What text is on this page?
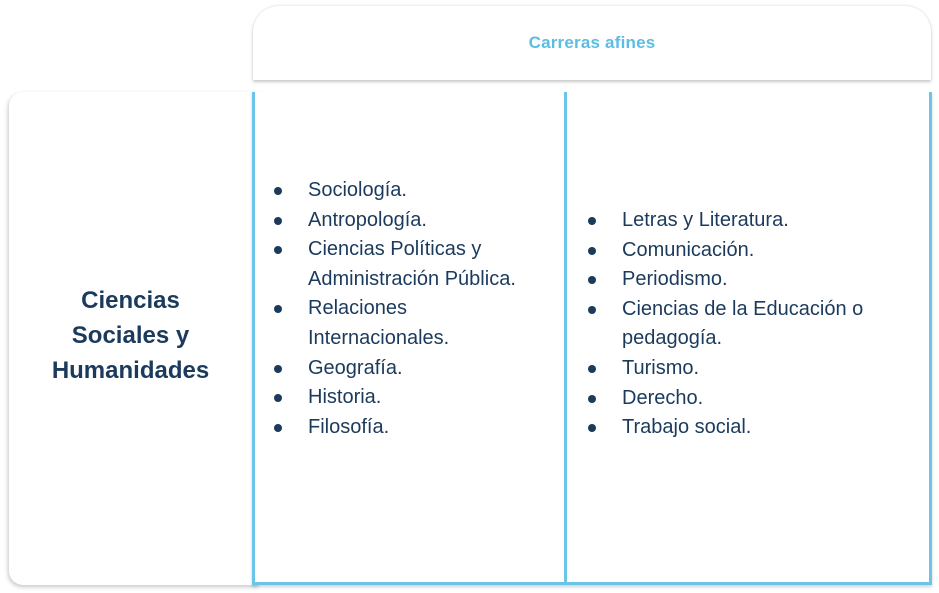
Carreras afines
Ciencias
Sociales y
Humanidades
Sociología.
Antropología.
Ciencias Políticas y Administración Pública.
Relaciones Internacionales.
Geografía.
Historia.
Filosofía.
Letras y Literatura.
Comunicación.
Periodismo.
Ciencias de la Educación o pedagogía.
Turismo.
Derecho.
Trabajo social.
